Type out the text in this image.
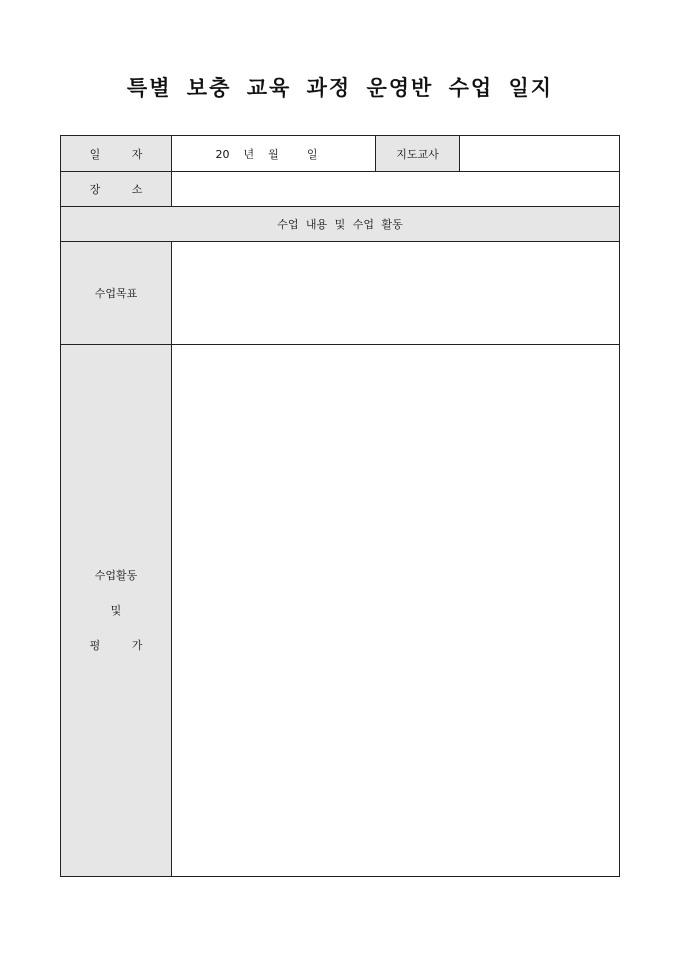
특별 보충 교육 과정 운영반 수업 일지
일 자	20 년 월 일	지도교사	
장 소			
수업 내용 및 수업 활동			
수업목표			

수업활동
및
평 가			
